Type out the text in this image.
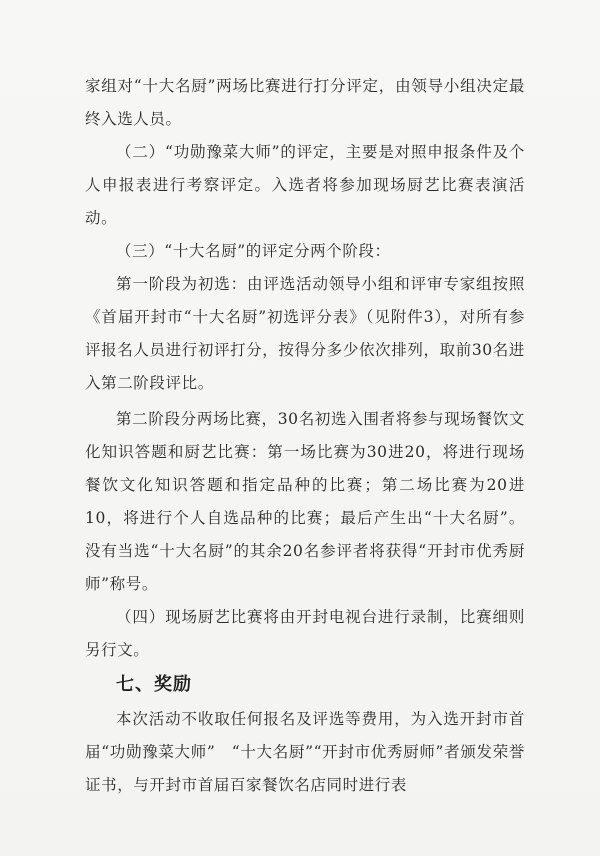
家组对“十大名厨”两场比赛进行打分评定，由领导小组决定最终入选人员。

（二）“功勋豫菜大师”的评定，主要是对照申报条件及个人申报表进行考察评定。入选者将参加现场厨艺比赛表演活动。

（三）“十大名厨”的评定分两个阶段：

第一阶段为初选：由评选活动领导小组和评审专家组按照《首届开封市“十大名厨”初选评分表》（见附件3），对所有参评报名人员进行初评打分，按得分多少依次排列，取前30名进入第二阶段评比。

第二阶段分两场比赛，30名初选入围者将参与现场餐饮文化知识答题和厨艺比赛：第一场比赛为30进20，将进行现场餐饮文化知识答题和指定品种的比赛；第二场比赛为20进10，将进行个人自选品种的比赛；最后产生出“十大名厨”。没有当选“十大名厨”的其余20名参评者将获得“开封市优秀厨师”称号。

（四）现场厨艺比赛将由开封电视台进行录制，比赛细则另行文。

七、奖励

本次活动不收取任何报名及评选等费用，为入选开封市首届“功勋豫菜大师”　“十大名厨”“开封市优秀厨师”者颁发荣誉证书，与开封市首届百家餐饮名店同时进行表
